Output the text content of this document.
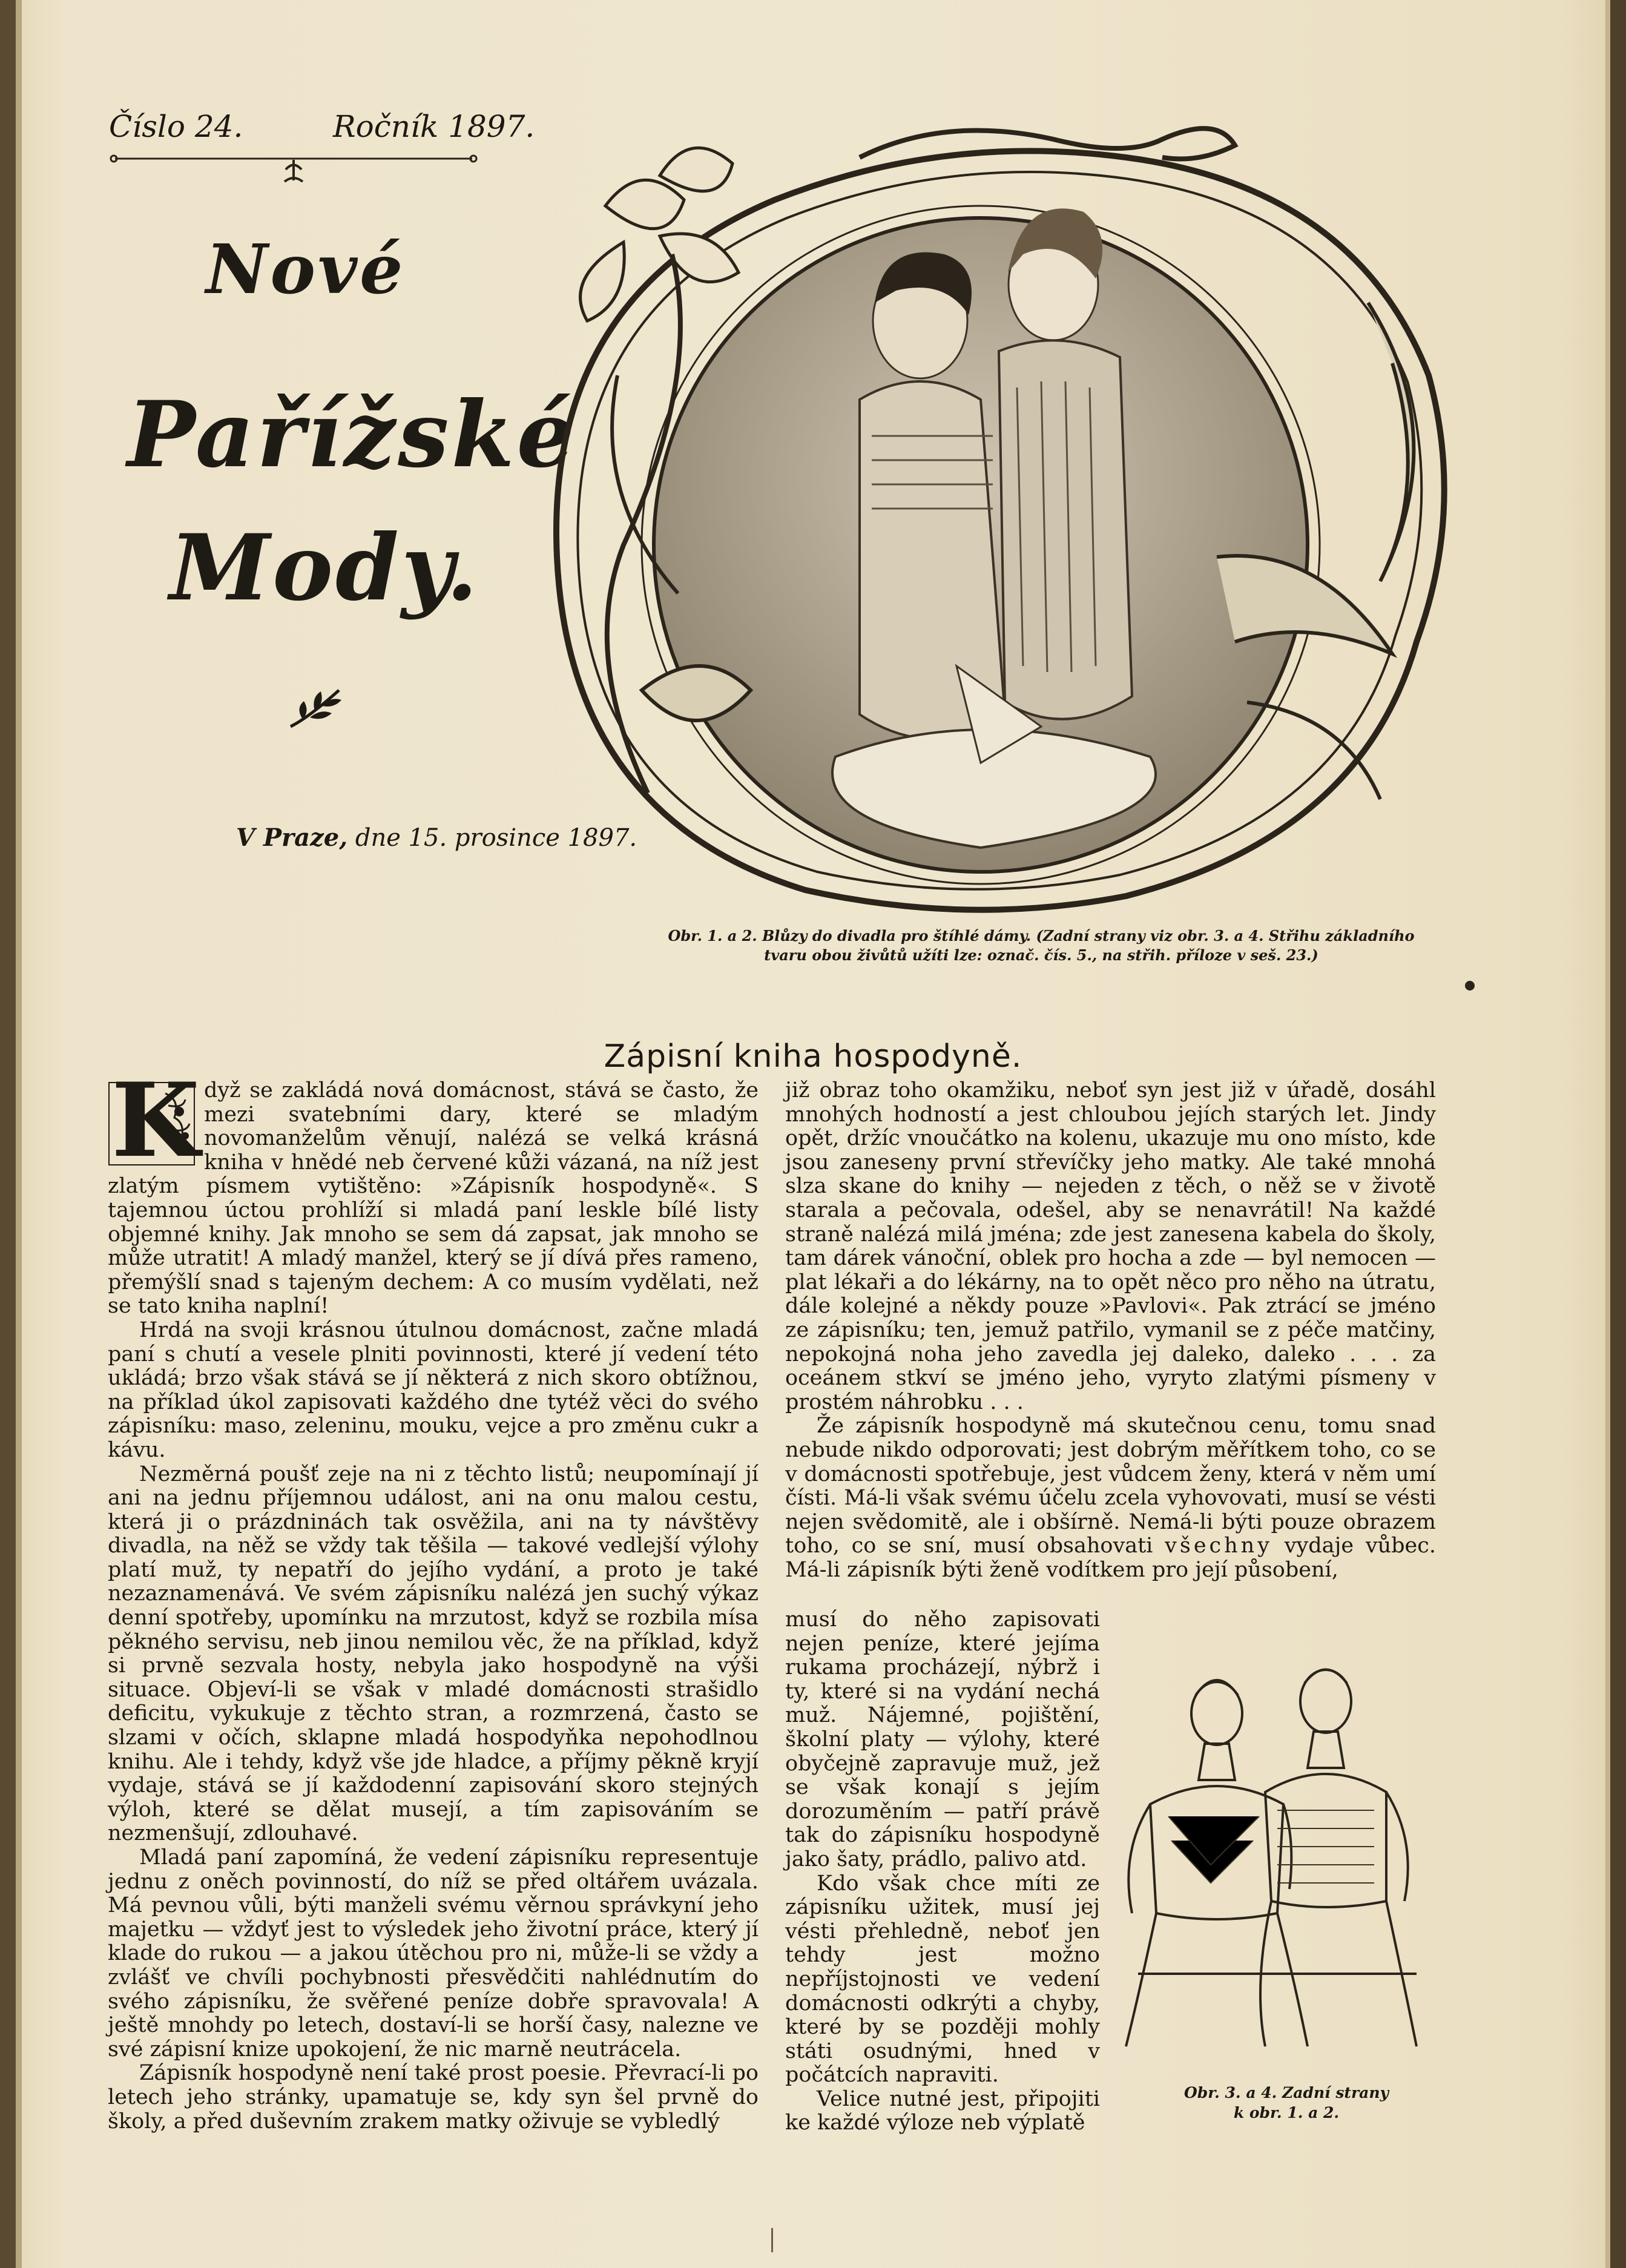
Číslo 24.	Ročník 1897.
Nové
Pařížské
Mody.
V Praze, dne 15. prosince 1897.
Obr. 1. a 2. Blůzy do divadla pro štíhlé dámy. (Zadní strany viz obr. 3. a 4. Střihu základního
tvaru obou živůtů užíti lze: označ. čís. 5., na střih. příloze v seš. 23.)
Zápisní kniha hospodyně.

K dyž se zakládá nová domácnost, stává se často, že mezi svatebními dary, které se mladým novomanželům věnují, nalézá se velká krásná kniha v hnědé neb červené kůži vázaná, na níž jest zlatým písmem vytištěno: »Zápisník hospodyně«. S tajemnou úctou prohlíží si mladá paní leskle bílé listy objemné knihy. Jak mnoho se sem dá zapsat, jak mnoho se může utratit! A mladý manžel, který se jí dívá přes rameno, přemýšlí snad s tajeným dechem: A co musím vydělati, než se tato kniha naplní!

Hrdá na svoji krásnou útulnou domácnost, začne mladá paní s chutí a vesele plniti povinnosti, které jí vedení této ukládá; brzo však stává se jí některá z nich skoro obtížnou, na příklad úkol zapisovati každého dne tytéž věci do svého zápisníku: maso, zeleninu, mouku, vejce a pro změnu cukr a kávu.

Nezměrná poušť zeje na ni z těchto listů; neupomínají jí ani na jednu příjemnou událost, ani na onu malou cestu, která ji o prázdninách tak osvěžila, ani na ty návštěvy divadla, na něž se vždy tak těšila — takové vedlejší výlohy platí muž, ty nepatří do jejího vydání, a proto je také nezaznamenává. Ve svém zápisníku nalézá jen suchý výkaz denní spotřeby, upomínku na mrzutost, když se rozbila mísa pěkného servisu, neb jinou nemilou věc, že na příklad, když si prvně sezvala hosty, nebyla jako hospodyně na výši situace. Objeví-li se však v mladé domácnosti strašidlo deficitu, vykukuje z těchto stran, a rozmrzená, často se slzami v očích, sklapne mladá hospodyňka nepohodlnou knihu. Ale i tehdy, když vše jde hladce, a příjmy pěkně kryjí vydaje, stává se jí každodenní zapisování skoro stejných výloh, které se dělat musejí, a tím zapisováním se nezmenšují, zdlouhavé.

Mladá paní zapomíná, že vedení zápisníku representuje jednu z oněch povinností, do níž se před oltářem uvázala. Má pevnou vůli, býti manželi svému věrnou správkyní jeho majetku — vždyť jest to výsledek jeho životní práce, který jí klade do rukou — a jakou útěchou pro ni, může-li se vždy a zvlášť ve chvíli pochybnosti přesvědčiti nahlédnutím do svého zápisníku, že svěřené peníze dobře spravovala! A ještě mnohdy po letech, dostaví-li se horší časy, nalezne ve své zápisní knize upokojení, že nic marně neutrácela.

Zápisník hospodyně není také prost poesie. Převrací-li po letech jeho stránky, upamatuje se, kdy syn šel prvně do školy, a před duševním zrakem matky oživuje se vybledlý

již obraz toho okamžiku, neboť syn jest již v úřadě, dosáhl mnohých hodností a jest chloubou jejích starých let. Jindy opět, držíc vnoučátko na kolenu, ukazuje mu ono místo, kde jsou zaneseny první střevíčky jeho matky. Ale také mnohá slza skane do knihy — nejeden z těch, o něž se v životě starala a pečovala, odešel, aby se nenavrátil! Na každé straně nalézá milá jména; zde jest zanesena kabela do školy, tam dárek vánoční, oblek pro hocha a zde — byl nemocen — plat lékaři a do lékárny, na to opět něco pro něho na útratu, dále kolejné a někdy pouze »Pavlovi«. Pak ztrácí se jméno ze zápisníku; ten, jemuž patřilo, vymanil se z péče matčiny, nepokojná noha jeho zavedla jej daleko, daleko . . . za oceánem stkví se jméno jeho, vyryto zlatými písmeny v prostém náhrobku . . .

Že zápisník hospodyně má skutečnou cenu, tomu snad nebude nikdo odporovati; jest dobrým měřítkem toho, co se v domácnosti spotřebuje, jest vůdcem ženy, která v něm umí čísti. Má-li však svému účelu zcela vyhovovati, musí se vésti nejen svědomitě, ale i obšírně. Nemá-li býti pouze obrazem toho, co se sní, musí obsahovati všechny vydaje vůbec. Má-li zápisník býti ženě vodítkem pro její působení,

musí do něho zapisovati nejen peníze, které jejíma rukama procházejí, nýbrž i ty, které si na vydání nechá muž. Nájemné, pojištění, školní platy — výlohy, které obyčejně zapravuje muž, jež se však konají s jejím dorozuměním — patří právě tak do zápisníku hospodyně jako šaty, prádlo, palivo atd.

Kdo však chce míti ze zápisníku užitek, musí jej vésti přehledně, neboť jen tehdy jest možno nepříjstojnosti ve vedení domácnosti odkrýti a chyby, které by se později mohly státi osudnými, hned v počátcích napraviti.

Velice nutné jest, připojiti ke každé výloze neb výplatě

Obr. 3. a 4. Zadní strany
k obr. 1. a 2.
